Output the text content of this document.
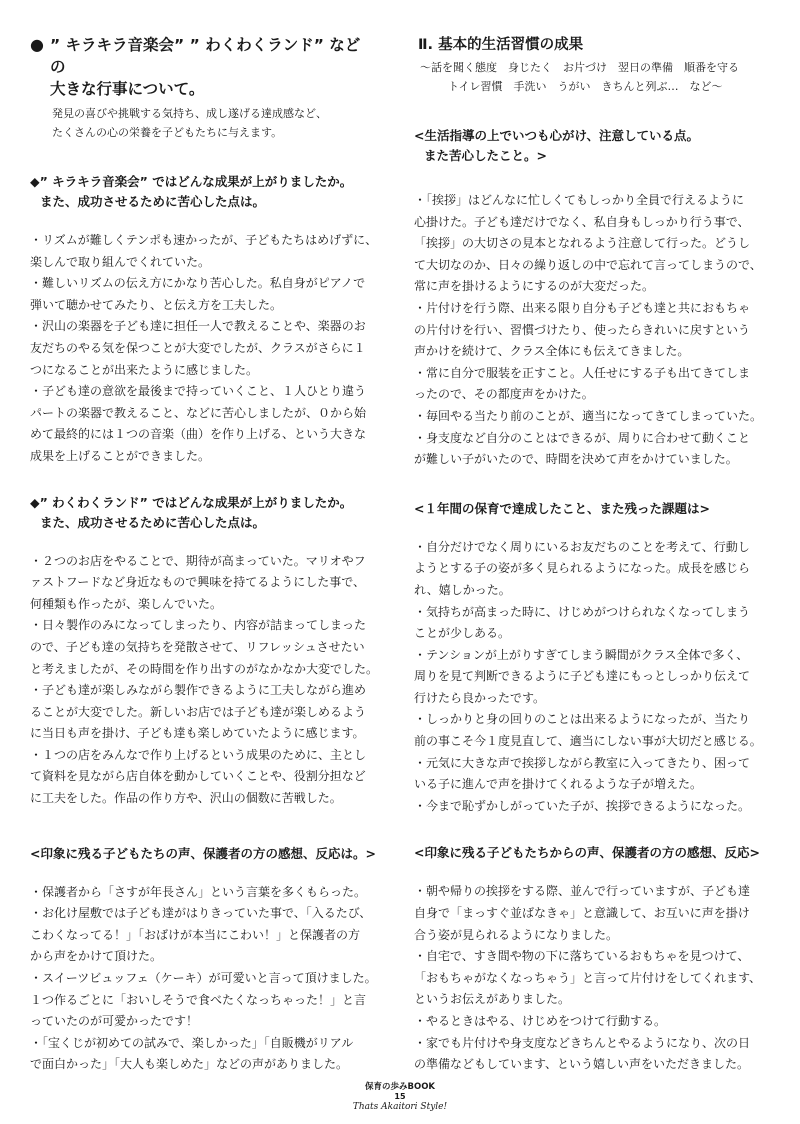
● ” キラキラ音楽会” ” わくわくランド” などの
大きな行事について。
発見の喜びや挑戦する気持ち、成し遂げる達成感など、
たくさんの心の栄養を子どもたちに与えます。
◆” キラキラ音楽会” ではどんな成果が上がりましたか。
また、成功させるために苦心した点は。
・リズムが難しくテンポも速かったが、子どもたちはめげずに、
楽しんで取り組んでくれていた。
・難しいリズムの伝え方にかなり苦心した。私自身がピアノで
弾いて聴かせてみたり、と伝え方を工夫した。
・沢山の楽器を子ども達に担任一人で教えることや、楽器のお
友だちのやる気を保つことが大変でしたが、クラスがさらに１
つになることが出来たように感じました。
・子ども達の意欲を最後まで持っていくこと、１人ひとり違う
パートの楽器で教えること、などに苦心しましたが、０から始
めて最終的には１つの音楽（曲）を作り上げる、という大きな
成果を上げることができました。
◆” わくわくランド” ではどんな成果が上がりましたか。
また、成功させるために苦心した点は。
・２つのお店をやることで、期待が高まっていた。マリオやフ
ァストフードなど身近なもので興味を持てるようにした事で、
何種類も作ったが、楽しんでいた。
・日々製作のみになってしまったり、内容が詰まってしまった
ので、子ども達の気持ちを発散させて、リフレッシュさせたい
と考えましたが、その時間を作り出すのがなかなか大変でした。
・子ども達が楽しみながら製作できるように工夫しながら進め
ることが大変でした。新しいお店では子ども達が楽しめるよう
に当日も声を掛け、子ども達も楽しめていたように感じます。
・１つの店をみんなで作り上げるという成果のために、主とし
て資料を見ながら店自体を動かしていくことや、役割分担など
に工夫をした。作品の作り方や、沢山の個数に苦戦した。
<印象に残る子どもたちの声、保護者の方の感想、反応は。>
・保護者から「さすが年長さん」という言葉を多くもらった。
・お化け屋敷では子ども達がはりきっていた事で、「入るたび、
こわくなってる！」「おばけが本当にこわい！」と保護者の方
から声をかけて頂けた。
・スイーツビュッフェ（ケーキ）が可愛いと言って頂けました。
１つ作るごとに「おいしそうで食べたくなっちゃった！」と言
っていたのが可愛かったです！
・「宝くじが初めての試みで、楽しかった」「自販機がリアル
で面白かった」「大人も楽しめた」などの声がありました。
Ⅱ. 基本的生活習慣の成果
〜話を聞く態度　身じたく　お片づけ　翌日の準備　順番を守る
トイレ習慣　手洗い　うがい　きちんと列ぶ…　など〜
<生活指導の上でいつも心がけ、注意している点。
また苦心したこと。>
・「挨拶」はどんなに忙しくてもしっかり全員で行えるように
心掛けた。子ども達だけでなく、私自身もしっかり行う事で、
「挨拶」の大切さの見本となれるよう注意して行った。どうし
て大切なのか、日々の繰り返しの中で忘れて言ってしまうので、
常に声を掛けるようにするのが大変だった。
・片付けを行う際、出来る限り自分も子ども達と共におもちゃ
の片付けを行い、習慣づけたり、使ったらきれいに戻すという
声かけを続けて、クラス全体にも伝えてきました。
・常に自分で服装を正すこと。人任せにする子も出てきてしま
ったので、その都度声をかけた。
・毎回やる当たり前のことが、適当になってきてしまっていた。
・身支度など自分のことはできるが、周りに合わせて動くこと
が難しい子がいたので、時間を決めて声をかけていました。
<１年間の保育で達成したこと、また残った課題は>
・自分だけでなく周りにいるお友だちのことを考えて、行動し
ようとする子の姿が多く見られるようになった。成長を感じら
れ、嬉しかった。
・気持ちが高まった時に、けじめがつけられなくなってしまう
ことが少しある。
・テンションが上がりすぎてしまう瞬間がクラス全体で多く、
周りを見て判断できるように子ども達にもっとしっかり伝えて
行けたら良かったです。
・しっかりと身の回りのことは出来るようになったが、当たり
前の事こそ今１度見直して、適当にしない事が大切だと感じる。
・元気に大きな声で挨拶しながら教室に入ってきたり、困って
いる子に進んで声を掛けてくれるような子が増えた。
・今まで恥ずかしがっていた子が、挨拶できるようになった。
<印象に残る子どもたちからの声、保護者の方の感想、反応>
・朝や帰りの挨拶をする際、並んで行っていますが、子ども達
自身で「まっすぐ並ばなきゃ」と意識して、お互いに声を掛け
合う姿が見られるようになりました。
・自宅で、すき間や物の下に落ちているおもちゃを見つけて、
「おもちゃがなくなっちゃう」と言って片付けをしてくれます、
というお伝えがありました。
・やるときはやる、けじめをつけて行動する。
・家でも片付けや身支度などきちんとやるようになり、次の日
の準備などもしています、という嬉しい声をいただきました。
保育の歩みBOOK
15
Thats Akaitori Style!
